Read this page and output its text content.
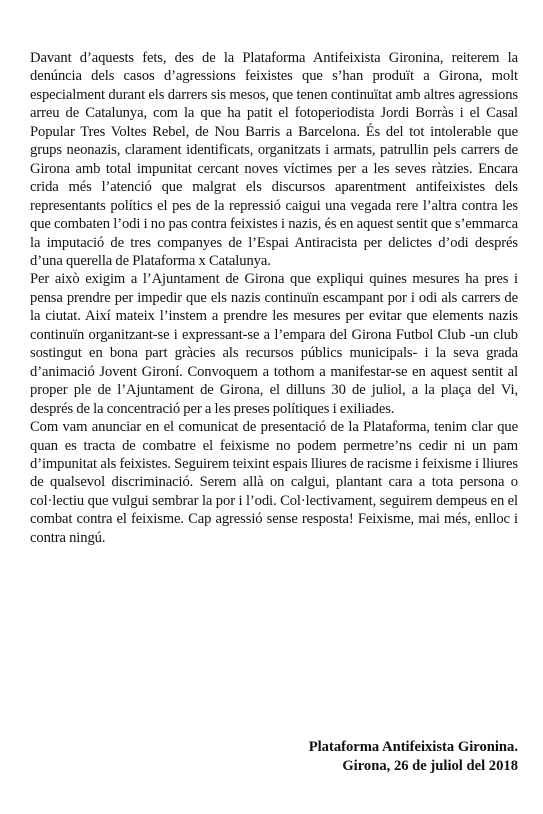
Davant d’aquests fets, des de la Plataforma Antifeixista Gironina, reiterem la denúncia dels casos d’agressions feixistes que s’han produït a Girona, molt especialment durant els darrers sis mesos, que tenen continuïtat amb altres agressions arreu de Catalunya, com la que ha patit el fotoperiodista Jordi Borràs i el Casal Popular Tres Voltes Rebel, de Nou Barris a Barcelona. És del tot intolerable que grups neonazis, clarament identificats, organitzats i armats, patrullin pels carrers de Girona amb total impunitat cercant noves víctimes per a les seves ràtzies. Encara crida més l’atenció que malgrat els discursos aparentment antifeixistes dels representants polítics el pes de la repressió caigui una vegada rere l’altra contra les que combaten l’odi i no pas contra feixistes i nazis, és en aquest sentit que s’emmarca la imputació de tres companyes de l’Espai Antiracista per delictes d’odi després d’una querella de Plataforma x Catalunya.

Per això exigim a l’Ajuntament de Girona que expliqui quines mesures ha pres i pensa prendre per impedir que els nazis continuïn escampant por i odi als carrers de la ciutat. Així mateix l’instem a prendre les mesures per evitar que elements nazis continuïn organitzant-se i expressant-se a l’empara del Girona Futbol Club -un club sostingut en bona part gràcies als recursos públics municipals- i la seva grada d’animació Jovent Gironí. Convoquem a tothom a manifestar-se en aquest sentit al proper ple de l’Ajuntament de Girona, el dilluns 30 de juliol, a la plaça del Vi, després de la concentració per a les preses polítiques i exiliades.

Com vam anunciar en el comunicat de presentació de la Plataforma, tenim clar que quan es tracta de combatre el feixisme no podem permetre’ns cedir ni un pam d’impunitat als feixistes. Seguirem teixint espais lliures de racisme i feixisme i lliures de qualsevol discriminació. Serem allà on calgui, plantant cara a tota persona o col·lectiu que vulgui sembrar la por i l’odi. Col·lectivament, seguirem dempeus en el combat contra el feixisme. Cap agressió sense resposta! Feixisme, mai més, enlloc i contra ningú.

Plataforma Antifeixista Gironina.
Girona, 26 de juliol del 2018
